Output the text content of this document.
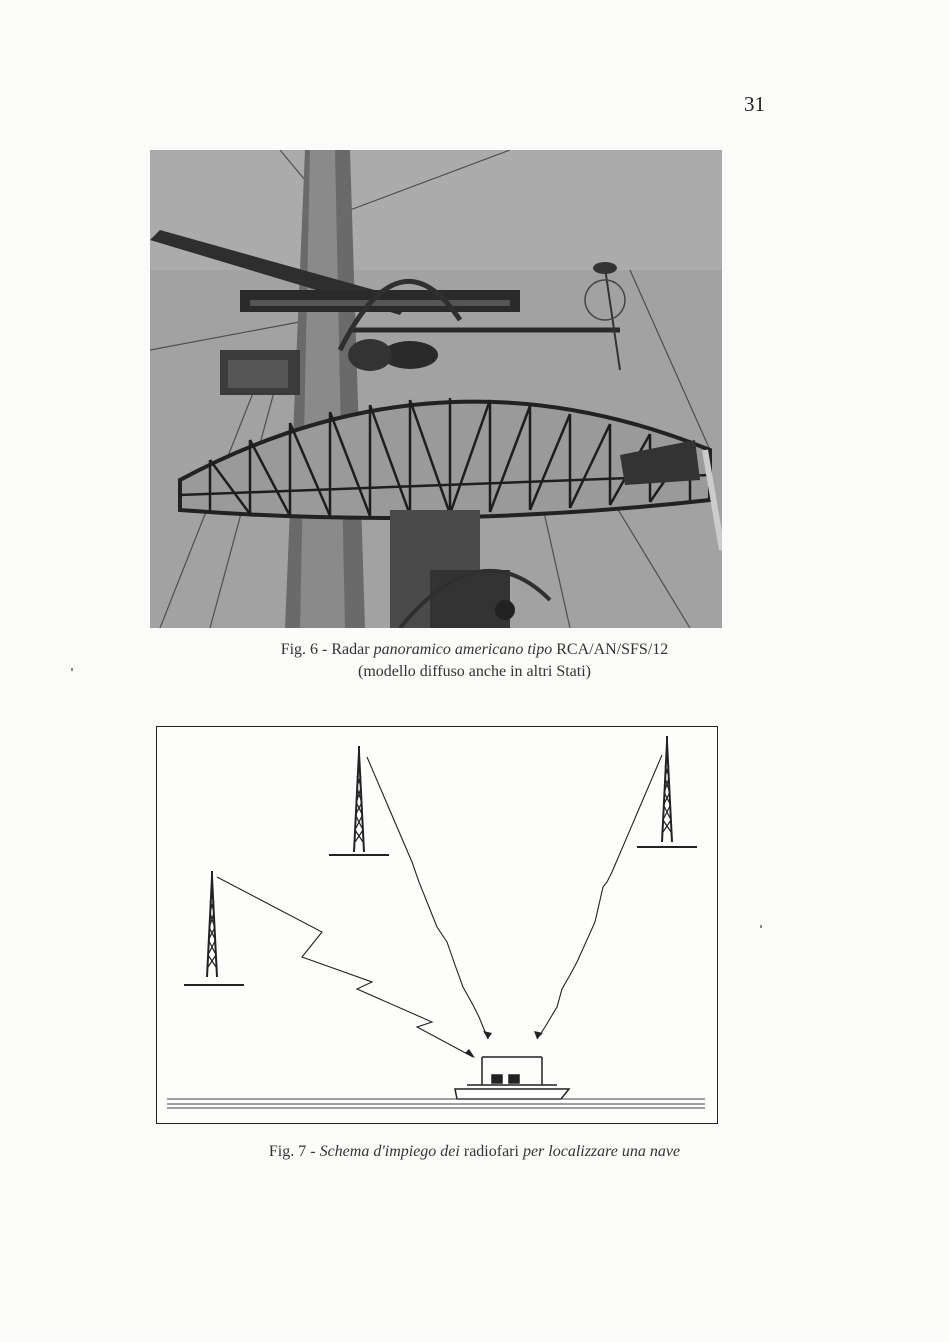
31
Fig. 6 - Radar panoramico americano tipo RCA/AN/SFS/12
(modello diffuso anche in altri Stati)
Fig. 7 - Schema d'impiego dei radiofari per localizzare una nave
